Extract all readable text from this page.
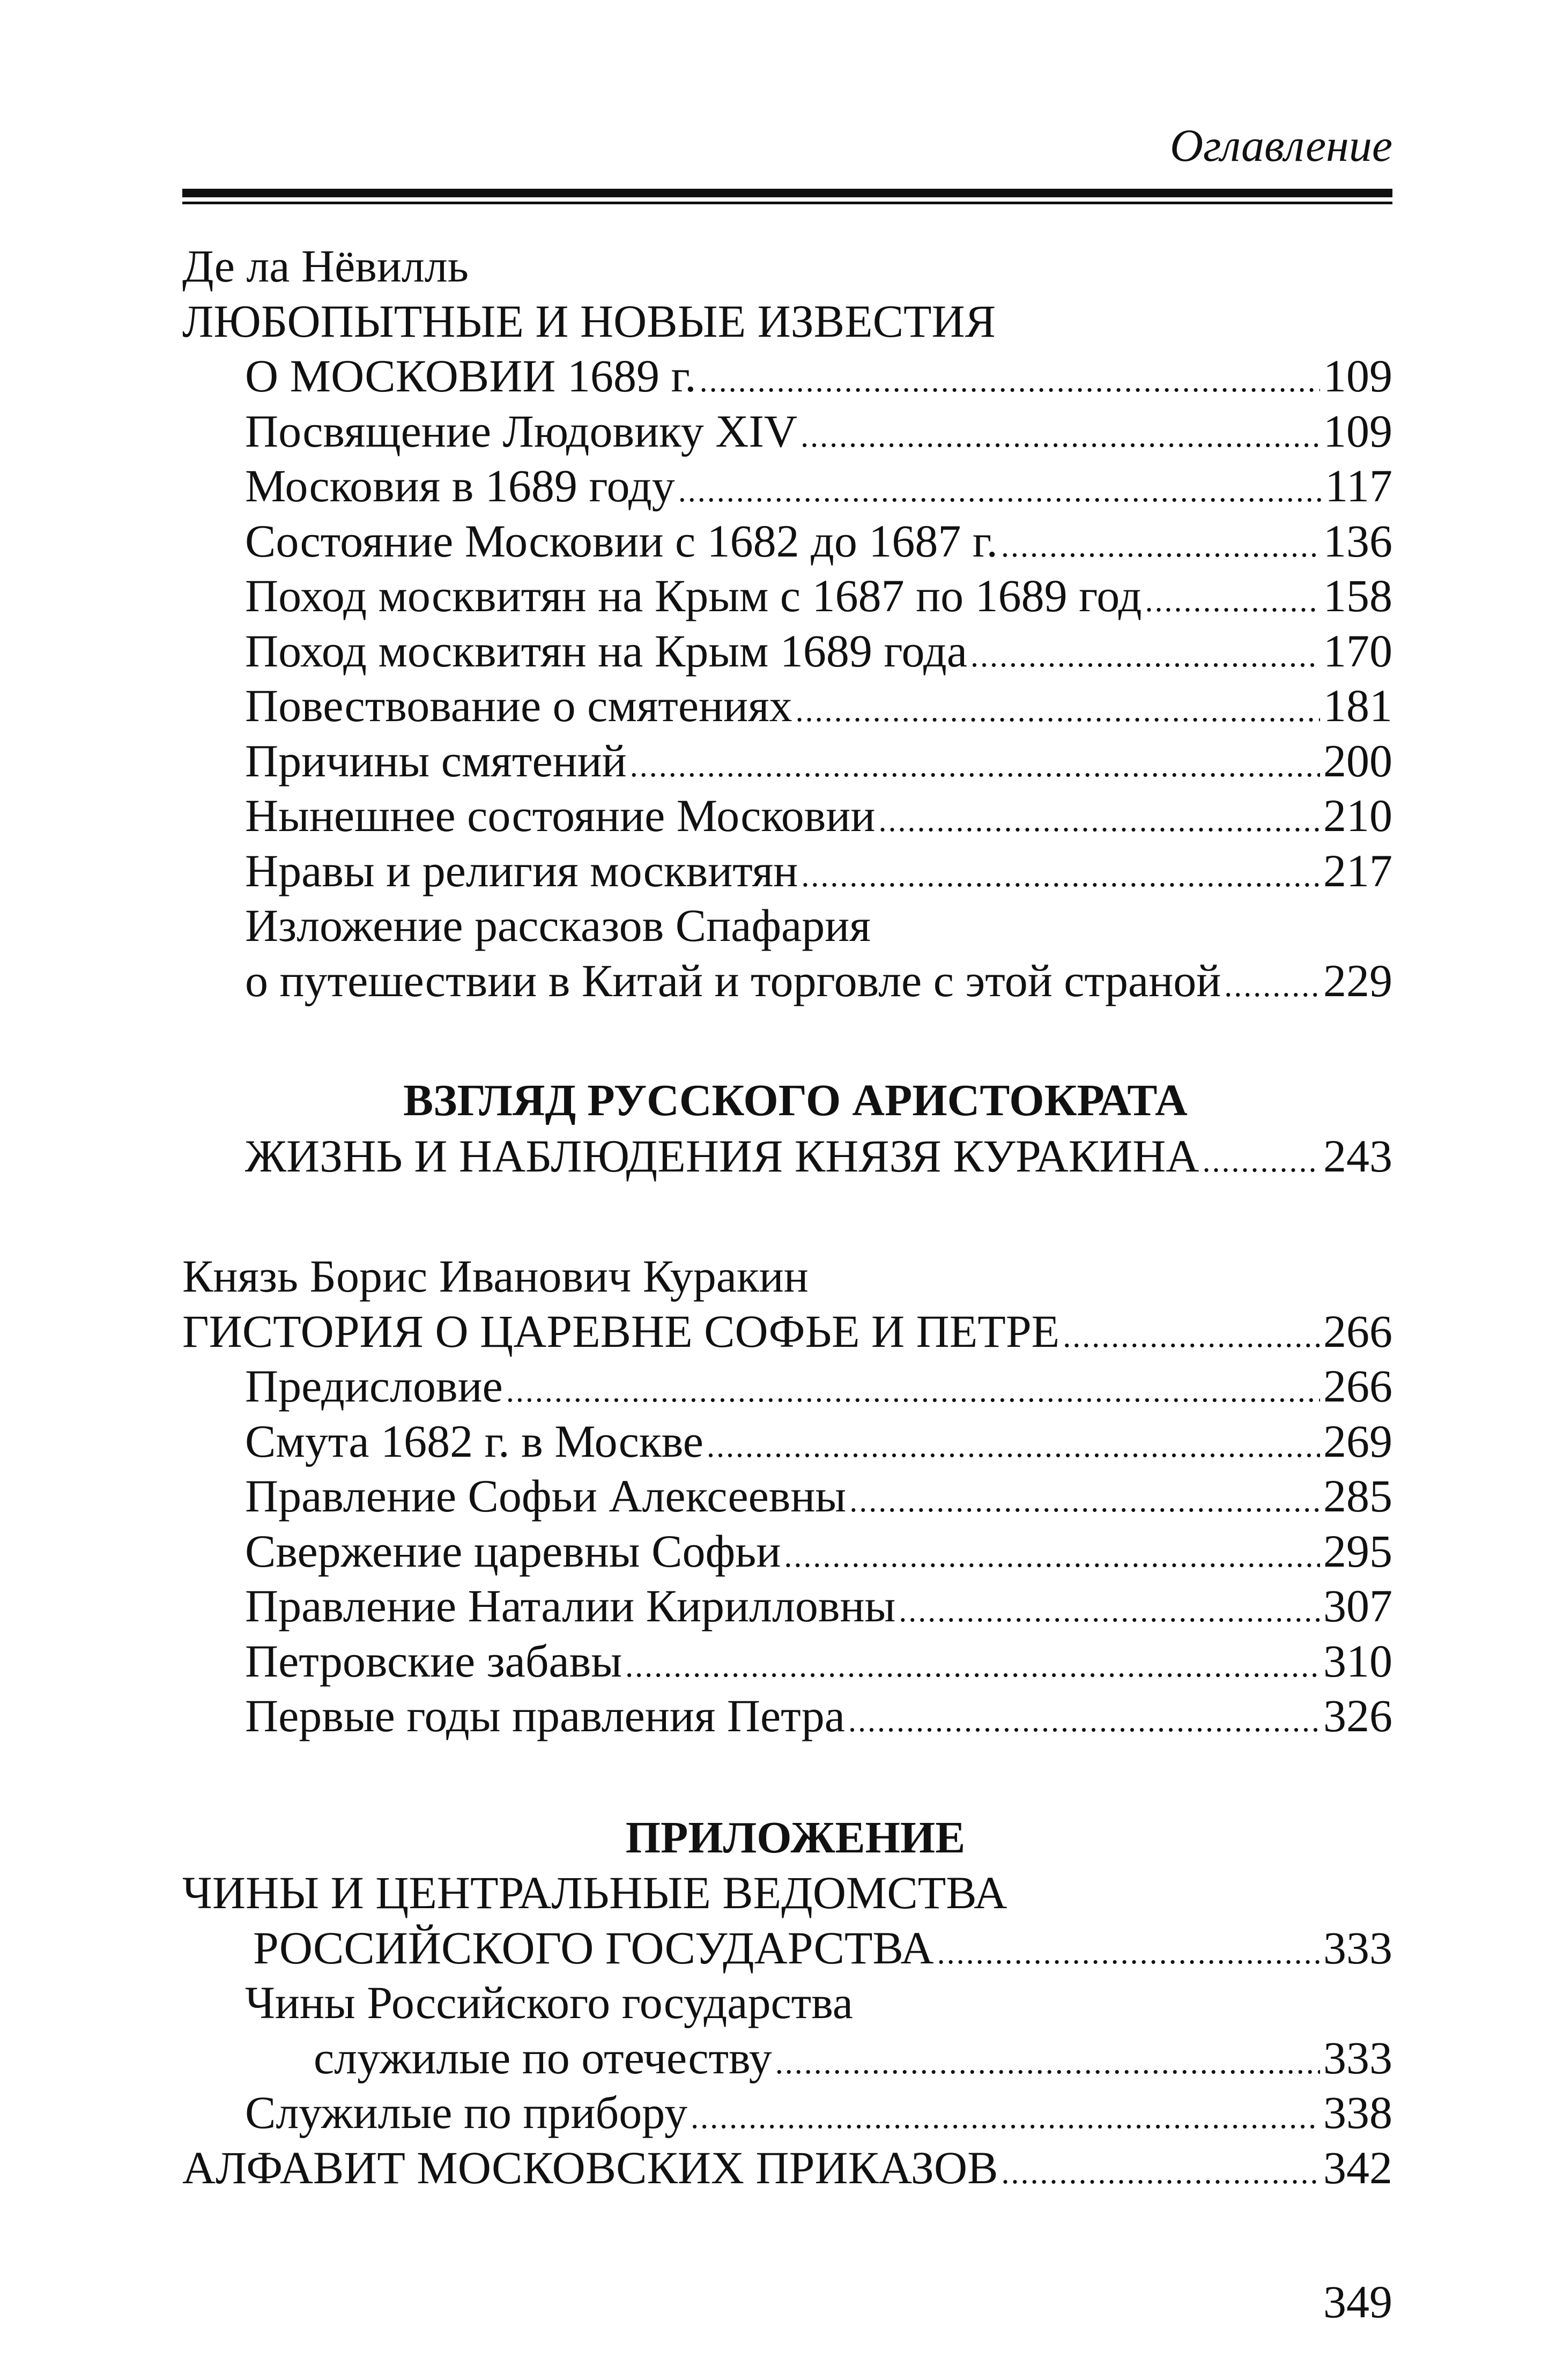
Оглавление
Де ла Нёвилль
ЛЮБОПЫТНЫЕ И НОВЫЕ ИЗВЕСТИЯ
О МОСКОВИИ 1689 г. .....	109
Посвящение Людовику XIV .....	109
Московия в 1689 году .....	117
Состояние Московии с 1682 до 1687 г. .....	136
Поход москвитян на Крым с 1687 по 1689 год .....	158
Поход москвитян на Крым 1689 года .....	170
Повествование о смятениях .....	181
Причины смятений .....	200
Нынешнее состояние Московии .....	210
Нравы и религия москвитян .....	217
Изложение рассказов Спафария
о путешествии в Китай и торговле с этой страной ..... 229
ВЗГЛЯД РУССКОГО АРИСТОКРАТА
ЖИЗНЬ И НАБЛЮДЕНИЯ КНЯЗЯ КУРАКИНА .....	243
Князь Борис Иванович Куракин
ГИСТОРИЯ О ЦАРЕВНЕ СОФЬЕ И ПЕТРЕ .....	266
Предисловие .....	266
Смута 1682 г. в Москве .....	269
Правление Софьи Алексеевны .....	285
Свержение царевны Софьи .....	295
Правление Наталии Кирилловны .....	307
Петровские забавы .....	310
Первые годы правления Петра .....	326
ПРИЛОЖЕНИЕ
ЧИНЫ И ЦЕНТРАЛЬНЫЕ ВЕДОМСТВА
РОССИЙСКОГО ГОСУДАРСТВА .....	333
Чины Российского государства
служилые по отечеству .....	333
Служилые по прибору .....	338
АЛФАВИТ МОСКОВСКИХ ПРИКАЗОВ .....	342
349
